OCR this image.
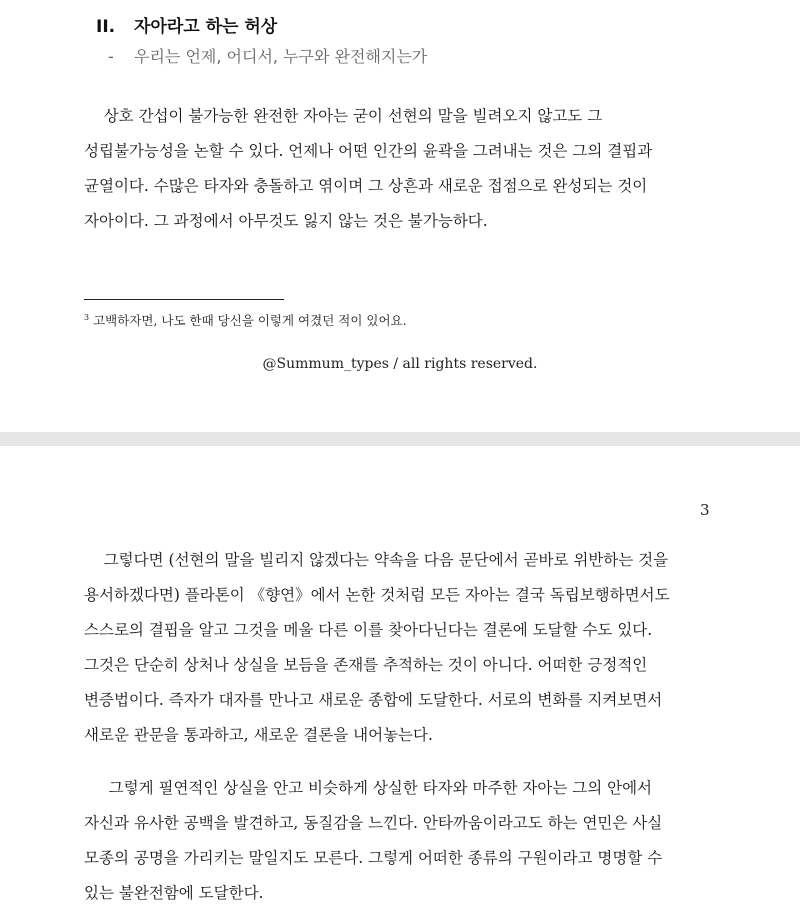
II. 자아라고 하는 허상
- 우리는 언제, 어디서, 누구와 완전해지는가

상호 간섭이 불가능한 완전한 자아는 굳이 선현의 말을 빌려오지 않고도 그
성립불가능성을 논할 수 있다. 언제나 어떤 인간의 윤곽을 그려내는 것은 그의 결핍과
균열이다. 수많은 타자와 충돌하고 엮이며 그 상흔과 새로운 접점으로 완성되는 것이
자아이다. 그 과정에서 아무것도 잃지 않는 것은 불가능하다.

$^3$ 고백하자면, 나도 한때 당신을 이렇게 여겼던 적이 있어요.
@Summum_types / all rights reserved.
3

그렇다면 (선현의 말을 빌리지 않겠다는 약속을 다음 문단에서 곧바로 위반하는 것을
용서하겠다면) 플라톤이 《향연》에서 논한 것처럼 모든 자아는 결국 독립보행하면서도
스스로의 결핍을 알고 그것을 메울 다른 이를 찾아다닌다는 결론에 도달할 수도 있다.
그것은 단순히 상처나 상실을 보듬을 존재를 추적하는 것이 아니다. 어떠한 긍정적인
변증법이다. 즉자가 대자를 만나고 새로운 종합에 도달한다. 서로의 변화를 지켜보면서
새로운 관문을 통과하고, 새로운 결론을 내어놓는다.

그렇게 필연적인 상실을 안고 비슷하게 상실한 타자와 마주한 자아는 그의 안에서
자신과 유사한 공백을 발견하고, 동질감을 느낀다. 안타까움이라고도 하는 연민은 사실
모종의 공명을 가리키는 말일지도 모른다. 그렇게 어떠한 종류의 구원이라고 명명할 수
있는 불완전함에 도달한다.
